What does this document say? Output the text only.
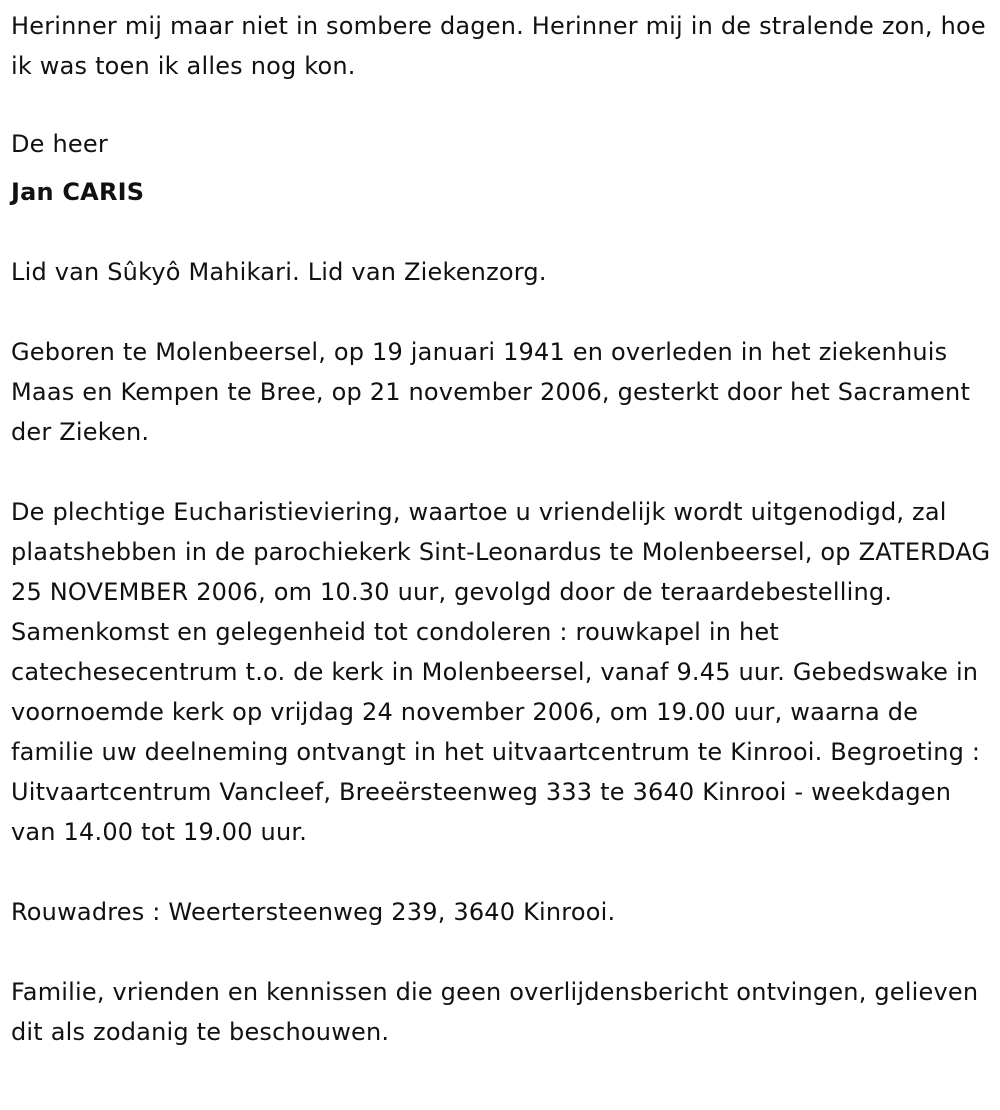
Herinner mij maar niet in sombere dagen. Herinner mij in de stralende zon, hoe ik was toen ik alles nog kon.

De heer

Jan CARIS

Lid van Sûkyô Mahikari. Lid van Ziekenzorg.

Geboren te Molenbeersel, op 19 januari 1941 en overleden in het ziekenhuis Maas en Kempen te Bree, op 21 november 2006, gesterkt door het Sacrament der Zieken.

De plechtige Eucharistieviering, waartoe u vriendelijk wordt uitgenodigd, zal plaatshebben in de parochiekerk Sint-Leonardus te Molenbeersel, op ZATERDAG 25 NOVEMBER 2006, om 10.30 uur, gevolgd door de teraardebestelling. Samenkomst en gelegenheid tot condoleren : rouwkapel in het catechesecentrum t.o. de kerk in Molenbeersel, vanaf 9.45 uur. Gebedswake in voornoemde kerk op vrijdag 24 november 2006, om 19.00 uur, waarna de familie uw deelneming ontvangt in het uitvaartcentrum te Kinrooi. Begroeting : Uitvaartcentrum Vancleef, Breeërsteenweg 333 te 3640 Kinrooi - weekdagen van 14.00 tot 19.00 uur.

Rouwadres : Weertersteenweg 239, 3640 Kinrooi.

Familie, vrienden en kennissen die geen overlijdensbericht ontvingen, gelieven dit als zodanig te beschouwen.
